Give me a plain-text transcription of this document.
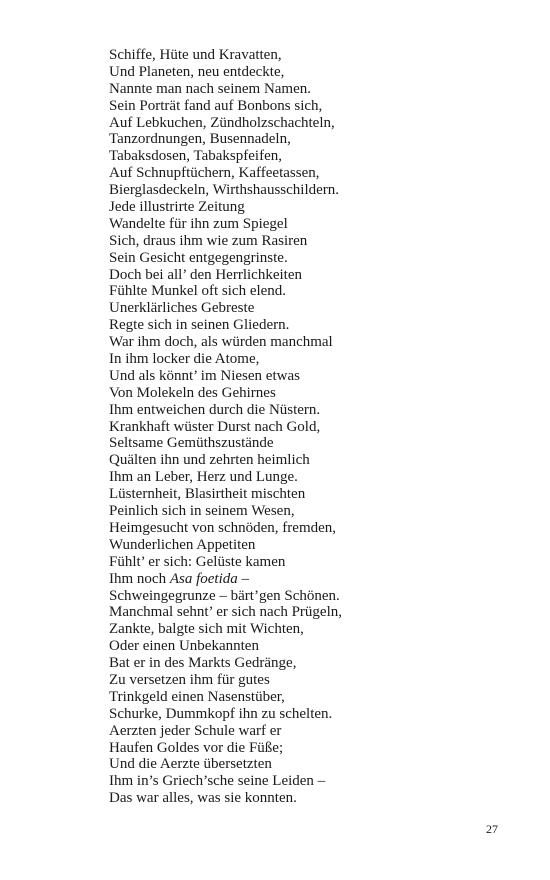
Schiffe, Hüte und Kravatten,
Und Planeten, neu entdeckte,
Nannte man nach seinem Namen.
Sein Porträt fand auf Bonbons sich,
Auf Lebkuchen, Zündholzschachteln,
Tanzordnungen, Busennadeln,
Tabaksdosen, Tabakspfeifen,
Auf Schnupftüchern, Kaffeetassen,
Bierglasdeckeln, Wirthshausschildern.
Jede illustrirte Zeitung
Wandelte für ihn zum Spiegel
Sich, draus ihm wie zum Rasiren
Sein Gesicht entgegengrinste.
Doch bei all’ den Herrlichkeiten
Fühlte Munkel oft sich elend.
Unerklärliches Gebreste
Regte sich in seinen Gliedern.
War ihm doch, als würden manchmal
In ihm locker die Atome,
Und als könnt’ im Niesen etwas
Von Molekeln des Gehirnes
Ihm entweichen durch die Nüstern.
Krankhaft wüster Durst nach Gold,
Seltsame Gemüthszustände
Quälten ihn und zehrten heimlich
Ihm an Leber, Herz und Lunge.
Lüsternheit, Blasirtheit mischten
Peinlich sich in seinem Wesen,
Heimgesucht von schnöden, fremden,
Wunderlichen Appetiten
Fühlt’ er sich: Gelüste kamen
Ihm noch Asa foetida –
Schweingegrunze – bärt’gen Schönen.
Manchmal sehnt’ er sich nach Prügeln,
Zankte, balgte sich mit Wichten,
Oder einen Unbekannten
Bat er in des Markts Gedränge,
Zu versetzen ihm für gutes
Trinkgeld einen Nasenstüber,
Schurke, Dummkopf ihn zu schelten.
Aerzten jeder Schule warf er
Haufen Goldes vor die Füße;
Und die Aerzte übersetzten
Ihm in’s Griech’sche seine Leiden –
Das war alles, was sie konnten.
27
